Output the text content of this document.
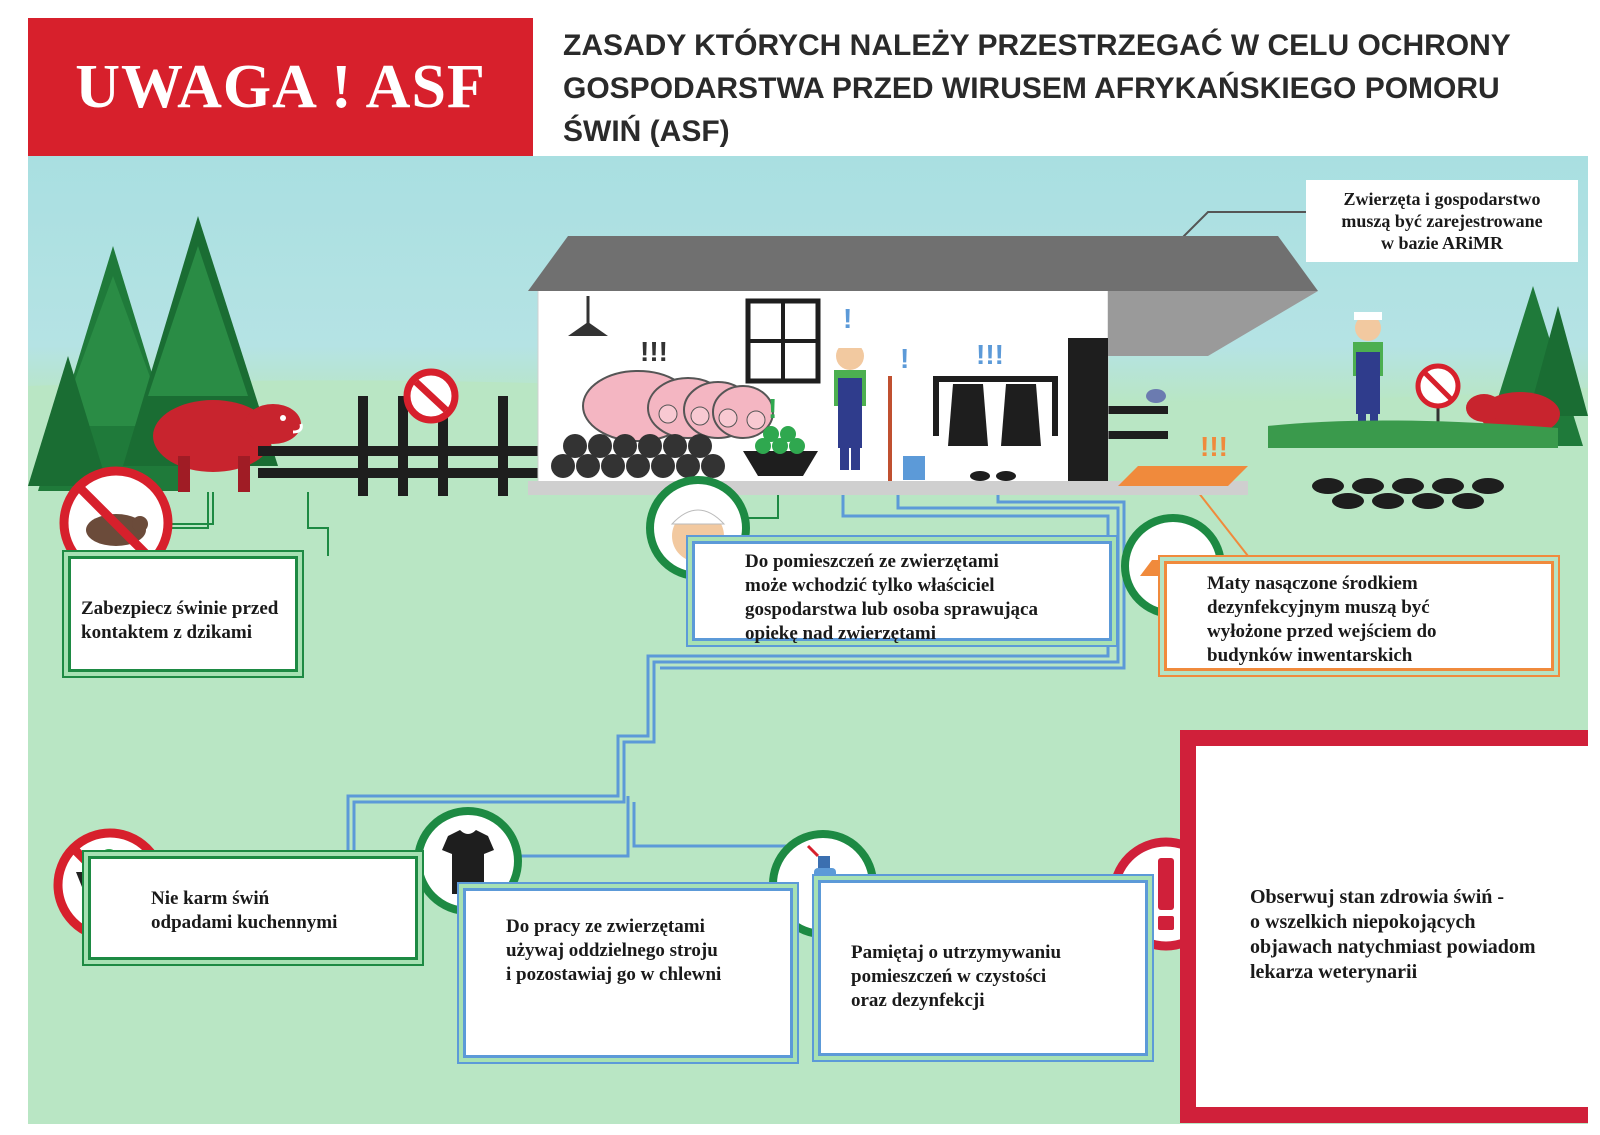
UWAGA ! ASF
ZASADY KTÓRYCH NALEŻY PRZESTRZEGAĆ W CELU OCHRONY
GOSPODARSTWA PRZED WIRUSEM AFRYKAŃSKIEGO POMORU
ŚWIŃ (ASF)
!!!
!
!
! !!!
!!!
Zwierzęta i gospodarstwo
muszą być zarejestrowane
w bazie ARiMR
Zabezpiecz świnie przed
kontaktem z dzikami
Do pomieszczeń ze zwierzętami
może wchodzić tylko właściciel
gospodarstwa lub osoba sprawująca
opiekę nad zwierzętami
Maty nasączone środkiem
dezynfekcyjnym muszą być
wyłożone przed wejściem do
budynków inwentarskich
Nie karm świń
odpadami kuchennymi	Do pracy ze zwierzętami
używaj oddzielnego stroju
i pozostawiaj go w chlewni
Pamiętaj o utrzymywaniu
pomieszczeń w czystości
oraz dezynfekcji
Obserwuj stan zdrowia świń -
o wszelkich niepokojących
objawach natychmiast powiadom
lekarza weterynarii
